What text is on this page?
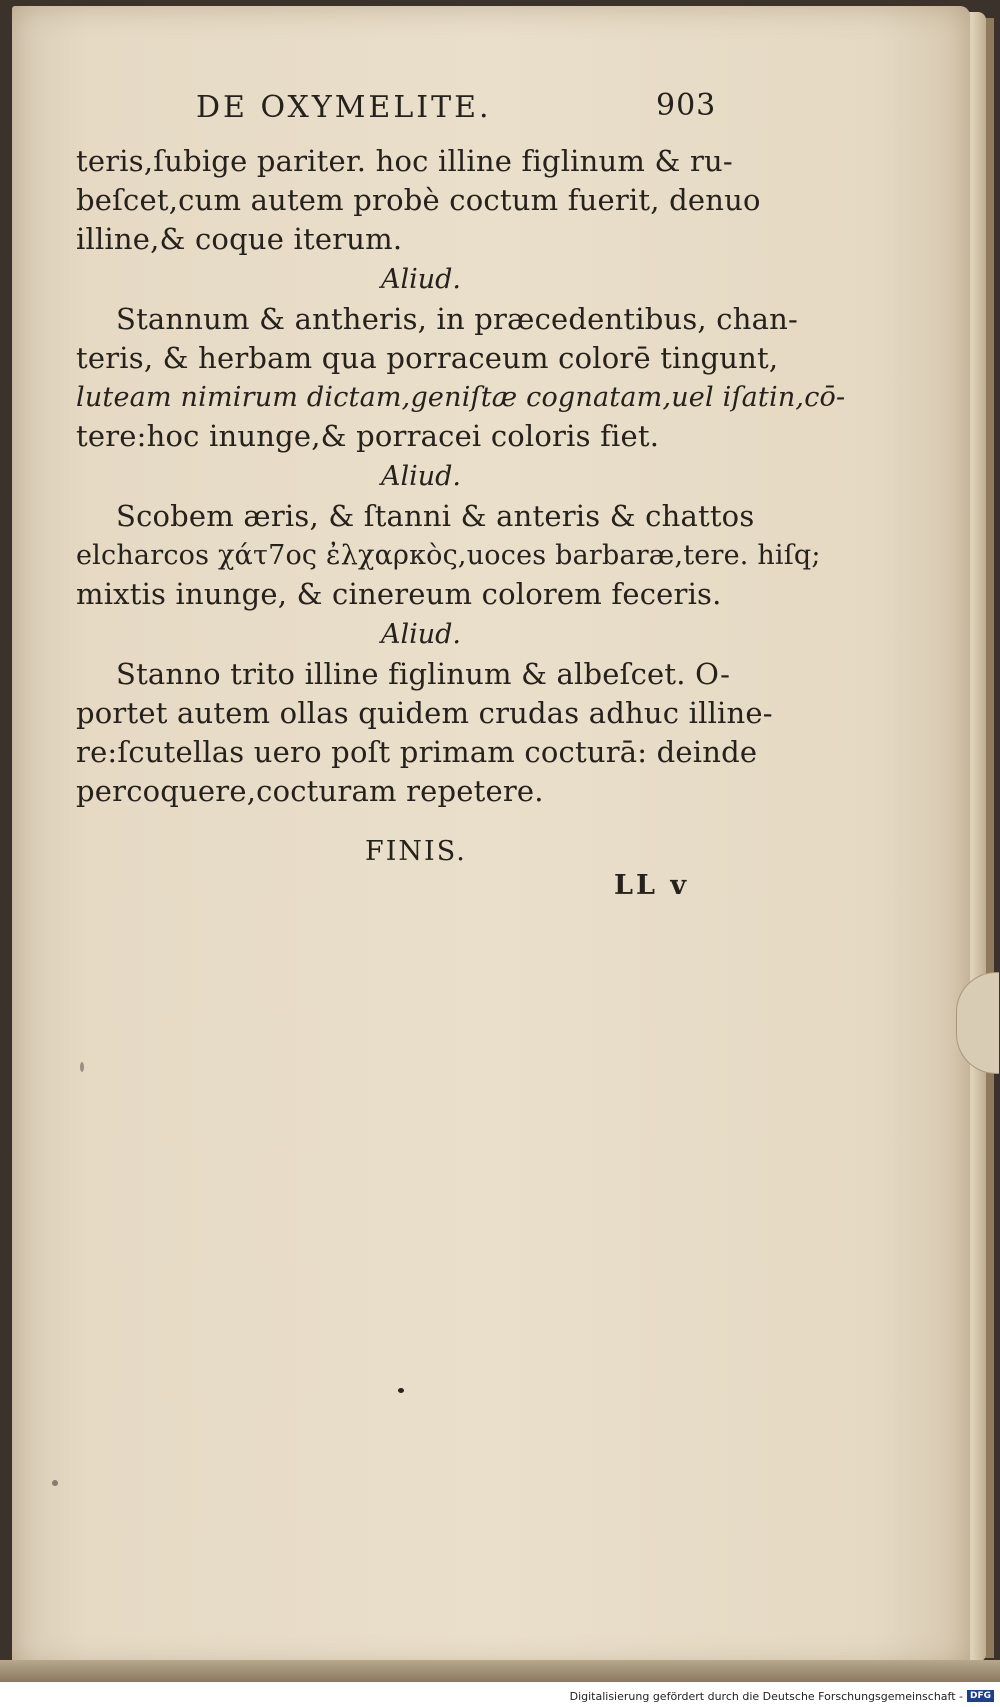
DE OXYMELITE.	903
teris,ſubige pariter. hoc illine figlinum & ru-
beſcet,cum autem probè coctum fuerit, denuo
illine,& coque iterum.
Aliud.
Stannum & antheris, in præcedentibus, chan-
teris, & herbam qua porraceum colorē tingunt,
luteam nimirum dictam,geniſtæ cognatam,uel iſatin,cō-
tere:hoc inunge,& porracei coloris fiet.
Aliud.
Scobem æris, & ſtanni & anteris & chattos
elcharcos χάτ7ος ἐλχαρκὸς,uoces barbaræ,tere. hiſq;
mixtis inunge, & cinereum colorem feceris.
Aliud.
Stanno trito illine figlinum & albeſcet. O-
portet autem ollas quidem crudas adhuc illine-
re:ſcutellas uero poſt primam cocturā: deinde
percoquere,cocturam repetere.
FINIS.
LL v
Digitalisierung gefördert durch die Deutsche Forschungsgemeinschaft - DFG
